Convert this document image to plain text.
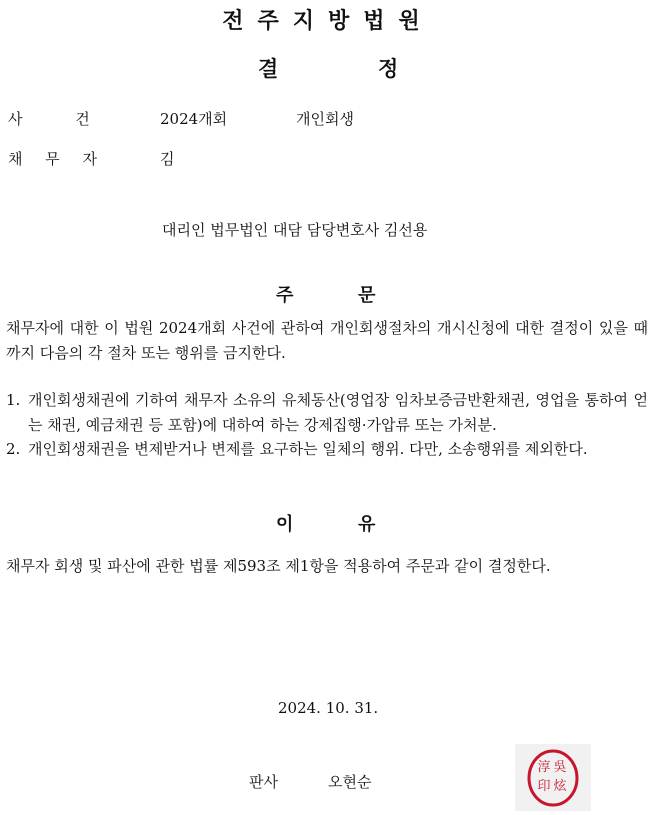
전주지방법원
결	정
사 건	2024개회	개인회생
채 무 자	김
대리인 법무법인 대담 담당변호사 김선용
주	문
채무자에 대한 이 법원 2024개회 사건에 관하여 개인회생절차의 개시신청에 대한 결정이 있을 때까지 다음의 각 절차 또는 행위를 금지한다.
1. 개인회생채권에 기하여 채무자 소유의 유체동산(영업장 임차보증금반환채권, 영업을 통하여 얻는 채권, 예금채권 등 포함)에 대하여 하는 강제집행·가압류 또는 가처분.
2. 개인회생채권을 변제받거나 변제를 요구하는 일체의 행위. 다만, 소송행위를 제외한다.
이	유
채무자 회생 및 파산에 관한 법률 제593조 제1항을 적용하여 주문과 같이 결정한다.
2024. 10. 31.
판사	오현순
吳
炫
淳
印
